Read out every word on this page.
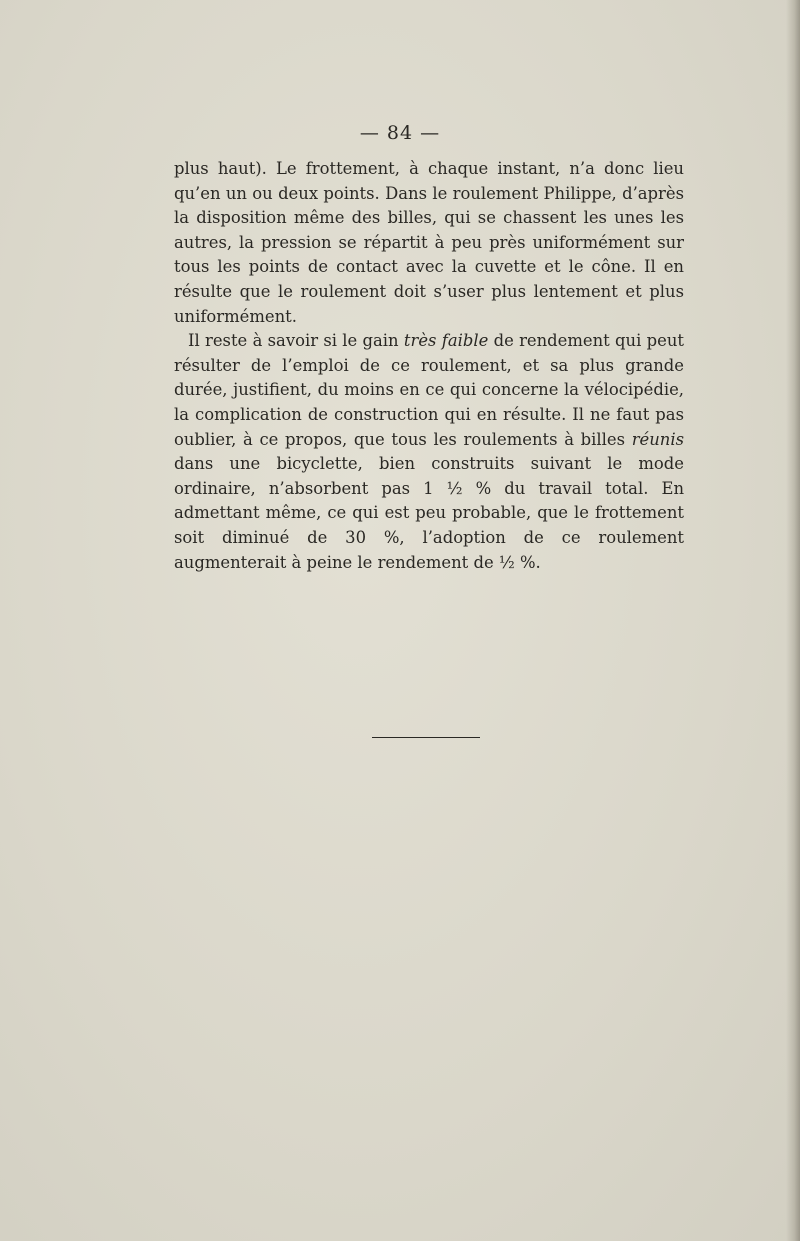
— 84 —

plus haut). Le frottement, à chaque instant, n’a donc lieu qu’en un ou deux points. Dans le roulement Philippe, d’après la disposition même des billes, qui se chassent les unes les autres, la pression se répartit à peu près uniformément sur tous les points de contact avec la cuvette et le cône. Il en résulte que le roulement doit s’user plus lentement et plus uniformément.

Il reste à savoir si le gain très faible de rendement qui peut résulter de l’emploi de ce roulement, et sa plus grande durée, justifient, du moins en ce qui concerne la vélocipédie, la complication de construction qui en résulte. Il ne faut pas oublier, à ce propos, que tous les roulements à billes réunis dans une bicyclette, bien construits suivant le mode ordinaire, n’absorbent pas 1 ½ % du travail total. En admettant même, ce qui est peu probable, que le frottement soit diminué de 30 %, l’adoption de ce roulement augmenterait à peine le rendement de ½ %.
